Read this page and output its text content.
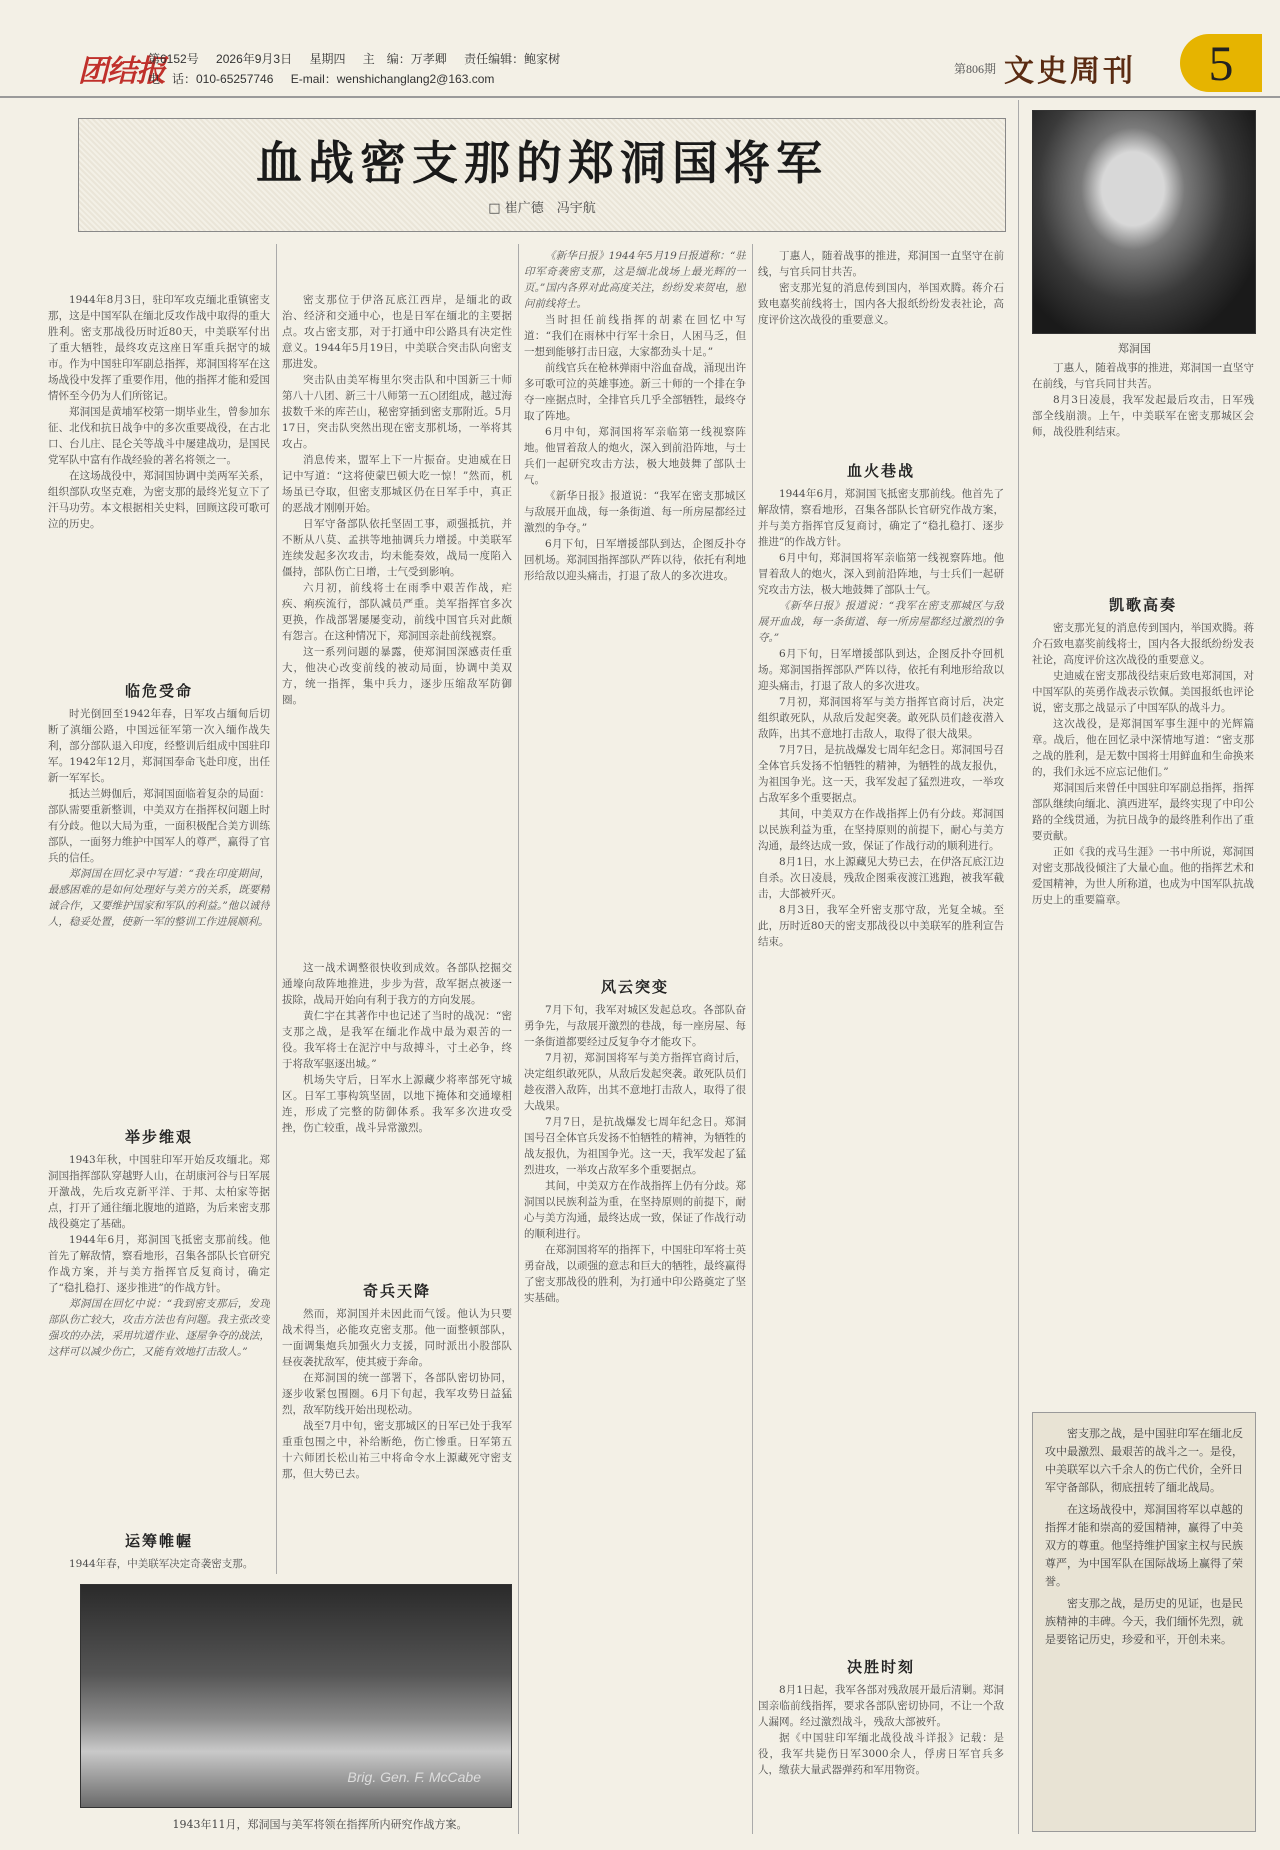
团结报
第6152号 2026年9月3日 星期四 主　编：万孝卿 责任编辑：鲍家树
电　话：010-65257746 E-mail：wenshichanglang2@163.com
第806期 文史周刊	5
血战密支那的郑洞国将军
□ 崔广德　冯宇航
郑洞国

1944年8月3日，驻印军攻克缅北重镇密支那，这是中国军队在缅北反攻作战中取得的重大胜利。密支那战役历时近80天，中美联军付出了重大牺牲，最终攻克这座日军重兵据守的城市。作为中国驻印军副总指挥，郑洞国将军在这场战役中发挥了重要作用，他的指挥才能和爱国情怀至今仍为人们所铭记。

郑洞国是黄埔军校第一期毕业生，曾参加东征、北伐和抗日战争中的多次重要战役，在古北口、台儿庄、昆仑关等战斗中屡建战功，是国民党军队中富有作战经验的著名将领之一。

在这场战役中，郑洞国协调中美两军关系，组织部队攻坚克难，为密支那的最终光复立下了汗马功劳。本文根据相关史料，回顾这段可歌可泣的历史。

临危受命

时光倒回至1942年春，日军攻占缅甸后切断了滇缅公路，中国远征军第一次入缅作战失利，部分部队退入印度，经整训后组成中国驻印军。1942年12月，郑洞国奉命飞赴印度，出任新一军军长。

抵达兰姆伽后，郑洞国面临着复杂的局面：部队需要重新整训，中美双方在指挥权问题上时有分歧。他以大局为重，一面积极配合美方训练部队，一面努力维护中国军人的尊严，赢得了官兵的信任。

郑洞国在回忆录中写道：“我在印度期间，最感困难的是如何处理好与美方的关系，既要精诚合作，又要维护国家和军队的利益。”他以诚待人，稳妥处置，使新一军的整训工作进展顺利。

举步维艰

1943年秋，中国驻印军开始反攻缅北。郑洞国指挥部队穿越野人山，在胡康河谷与日军展开激战，先后攻克新平洋、于邦、太柏家等据点，打开了通往缅北腹地的道路，为后来密支那战役奠定了基础。

1944年6月，郑洞国飞抵密支那前线。他首先了解敌情，察看地形，召集各部队长官研究作战方案，并与美方指挥官反复商讨，确定了“稳扎稳打、逐步推进”的作战方针。

郑洞国在回忆中说：“我到密支那后，发现部队伤亡较大，攻击方法也有问题。我主张改变强攻的办法，采用坑道作业、逐屋争夺的战法，这样可以减少伤亡，又能有效地打击敌人。”

运筹帷幄

1944年春，中美联军决定奇袭密支那。

密支那位于伊洛瓦底江西岸，是缅北的政治、经济和交通中心，也是日军在缅北的主要据点。攻占密支那，对于打通中印公路具有决定性意义。1944年5月19日，中美联合突击队向密支那进发。

突击队由美军梅里尔突击队和中国新三十师第八十八团、新三十八师第一五○团组成，越过海拔数千米的库芒山，秘密穿插到密支那附近。5月17日，突击队突然出现在密支那机场，一举将其攻占。

消息传来，盟军上下一片振奋。史迪威在日记中写道：“这将使蒙巴顿大吃一惊！”然而，机场虽已夺取，但密支那城区仍在日军手中，真正的恶战才刚刚开始。

日军守备部队依托坚固工事，顽强抵抗，并不断从八莫、孟拱等地抽调兵力增援。中美联军连续发起多次攻击，均未能奏效，战局一度陷入僵持，部队伤亡日增，士气受到影响。

六月初，前线将士在雨季中艰苦作战，疟疾、痢疾流行，部队减员严重。美军指挥官多次更换，作战部署屡屡变动，前线中国官兵对此颇有怨言。在这种情况下，郑洞国亲赴前线视察。

这一系列问题的暴露，使郑洞国深感责任重大，他决心改变前线的被动局面，协调中美双方，统一指挥，集中兵力，逐步压缩敌军防御圈。

奇兵天降

这一战术调整很快收到成效。各部队挖掘交通壕向敌阵地推进，步步为营，敌军据点被逐一拔除，战局开始向有利于我方的方向发展。

黄仁宇在其著作中也记述了当时的战况：“密支那之战，是我军在缅北作战中最为艰苦的一役。我军将士在泥泞中与敌搏斗，寸土必争，终于将敌军驱逐出城。”

机场失守后，日军水上源藏少将率部死守城区。日军工事构筑坚固，以地下掩体和交通壕相连，形成了完整的防御体系。我军多次进攻受挫，伤亡较重，战斗异常激烈。

然而，郑洞国并未因此而气馁。他认为只要战术得当，必能攻克密支那。他一面整顿部队，一面调集炮兵加强火力支援，同时派出小股部队昼夜袭扰敌军，使其疲于奔命。

在郑洞国的统一部署下，各部队密切协同，逐步收紧包围圈。6月下旬起，我军攻势日益猛烈，敌军防线开始出现松动。

战至7月中旬，密支那城区的日军已处于我军重重包围之中，补给断绝，伤亡惨重。日军第五十六师团长松山祐三中将命令水上源藏死守密支那，但大势已去。

Brig. Gen. F. McCabe
1943年11月，郑洞国与美军将领在指挥所内研究作战方案。

《新华日报》1944年5月19日报道称：“驻印军奇袭密支那，这是缅北战场上最光辉的一页。”国内各界对此高度关注，纷纷发来贺电，慰问前线将士。

当时担任前线指挥的胡素在回忆中写道：“我们在雨林中行军十余日，人困马乏，但一想到能够打击日寇，大家都劲头十足。”

前线官兵在枪林弹雨中浴血奋战，涌现出许多可歌可泣的英雄事迹。新三十师的一个排在争夺一座据点时，全排官兵几乎全部牺牲，最终夺取了阵地。

6月中旬，郑洞国将军亲临第一线视察阵地。他冒着敌人的炮火，深入到前沿阵地，与士兵们一起研究攻击方法，极大地鼓舞了部队士气。

《新华日报》报道说：“我军在密支那城区与敌展开血战，每一条街道、每一所房屋都经过激烈的争夺。”

6月下旬，日军增援部队到达，企图反扑夺回机场。郑洞国指挥部队严阵以待，依托有利地形给敌以迎头痛击，打退了敌人的多次进攻。

风云突变

7月下旬，我军对城区发起总攻。各部队奋勇争先，与敌展开激烈的巷战，每一座房屋、每一条街道都要经过反复争夺才能攻下。

7月初，郑洞国将军与美方指挥官商讨后，决定组织敢死队，从敌后发起突袭。敢死队员们趁夜潜入敌阵，出其不意地打击敌人，取得了很大战果。

7月7日，是抗战爆发七周年纪念日。郑洞国号召全体官兵发扬不怕牺牲的精神，为牺牲的战友报仇，为祖国争光。这一天，我军发起了猛烈进攻，一举攻占敌军多个重要据点。

其间，中美双方在作战指挥上仍有分歧。郑洞国以民族利益为重，在坚持原则的前提下，耐心与美方沟通，最终达成一致，保证了作战行动的顺利进行。

在郑洞国将军的指挥下，中国驻印军将士英勇奋战，以顽强的意志和巨大的牺牲，最终赢得了密支那战役的胜利，为打通中印公路奠定了坚实基础。

丁惠人，随着战事的推进，郑洞国一直坚守在前线，与官兵同甘共苦。

密支那光复的消息传到国内，举国欢腾。蒋介石致电嘉奖前线将士，国内各大报纸纷纷发表社论，高度评价这次战役的重要意义。

血火巷战

1944年6月，郑洞国飞抵密支那前线。他首先了解敌情，察看地形，召集各部队长官研究作战方案，并与美方指挥官反复商讨，确定了“稳扎稳打、逐步推进”的作战方针。

6月中旬，郑洞国将军亲临第一线视察阵地。他冒着敌人的炮火，深入到前沿阵地，与士兵们一起研究攻击方法，极大地鼓舞了部队士气。

《新华日报》报道说：“我军在密支那城区与敌展开血战，每一条街道、每一所房屋都经过激烈的争夺。”

6月下旬，日军增援部队到达，企图反扑夺回机场。郑洞国指挥部队严阵以待，依托有利地形给敌以迎头痛击，打退了敌人的多次进攻。

7月初，郑洞国将军与美方指挥官商讨后，决定组织敢死队，从敌后发起突袭。敢死队员们趁夜潜入敌阵，出其不意地打击敌人，取得了很大战果。

7月7日，是抗战爆发七周年纪念日。郑洞国号召全体官兵发扬不怕牺牲的精神，为牺牲的战友报仇，为祖国争光。这一天，我军发起了猛烈进攻，一举攻占敌军多个重要据点。

其间，中美双方在作战指挥上仍有分歧。郑洞国以民族利益为重，在坚持原则的前提下，耐心与美方沟通，最终达成一致，保证了作战行动的顺利进行。

8月1日，水上源藏见大势已去，在伊洛瓦底江边自杀。次日凌晨，残敌企图乘夜渡江逃跑，被我军截击，大部被歼灭。

8月3日，我军全歼密支那守敌，光复全城。至此，历时近80天的密支那战役以中美联军的胜利宣告结束。

决胜时刻

8月1日起，我军各部对残敌展开最后清剿。郑洞国亲临前线指挥，要求各部队密切协同，不让一个敌人漏网。经过激烈战斗，残敌大部被歼。

据《中国驻印军缅北战役战斗详报》记载：是役，我军共毙伤日军3000余人，俘虏日军官兵多人，缴获大量武器弹药和军用物资。

丁惠人，随着战事的推进，郑洞国一直坚守在前线，与官兵同甘共苦。

8月3日凌晨，我军发起最后攻击，日军残部全线崩溃。上午，中美联军在密支那城区会师，战役胜利结束。

凯歌高奏

密支那光复的消息传到国内，举国欢腾。蒋介石致电嘉奖前线将士，国内各大报纸纷纷发表社论，高度评价这次战役的重要意义。

史迪威在密支那战役结束后致电郑洞国，对中国军队的英勇作战表示钦佩。美国报纸也评论说，密支那之战显示了中国军队的战斗力。

这次战役，是郑洞国军事生涯中的光辉篇章。战后，他在回忆录中深情地写道：“密支那之战的胜利，是无数中国将士用鲜血和生命换来的，我们永远不应忘记他们。”

郑洞国后来曾任中国驻印军副总指挥，指挥部队继续向缅北、滇西进军，最终实现了中印公路的全线贯通，为抗日战争的最终胜利作出了重要贡献。

正如《我的戎马生涯》一书中所说，郑洞国对密支那战役倾注了大量心血。他的指挥艺术和爱国精神，为世人所称道，也成为中国军队抗战历史上的重要篇章。

密支那之战，是中国驻印军在缅北反攻中最激烈、最艰苦的战斗之一。是役，中美联军以六千余人的伤亡代价，全歼日军守备部队，彻底扭转了缅北战局。

在这场战役中，郑洞国将军以卓越的指挥才能和崇高的爱国精神，赢得了中美双方的尊重。他坚持维护国家主权与民族尊严，为中国军队在国际战场上赢得了荣誉。

密支那之战，是历史的见证，也是民族精神的丰碑。今天，我们缅怀先烈，就是要铭记历史，珍爱和平，开创未来。
